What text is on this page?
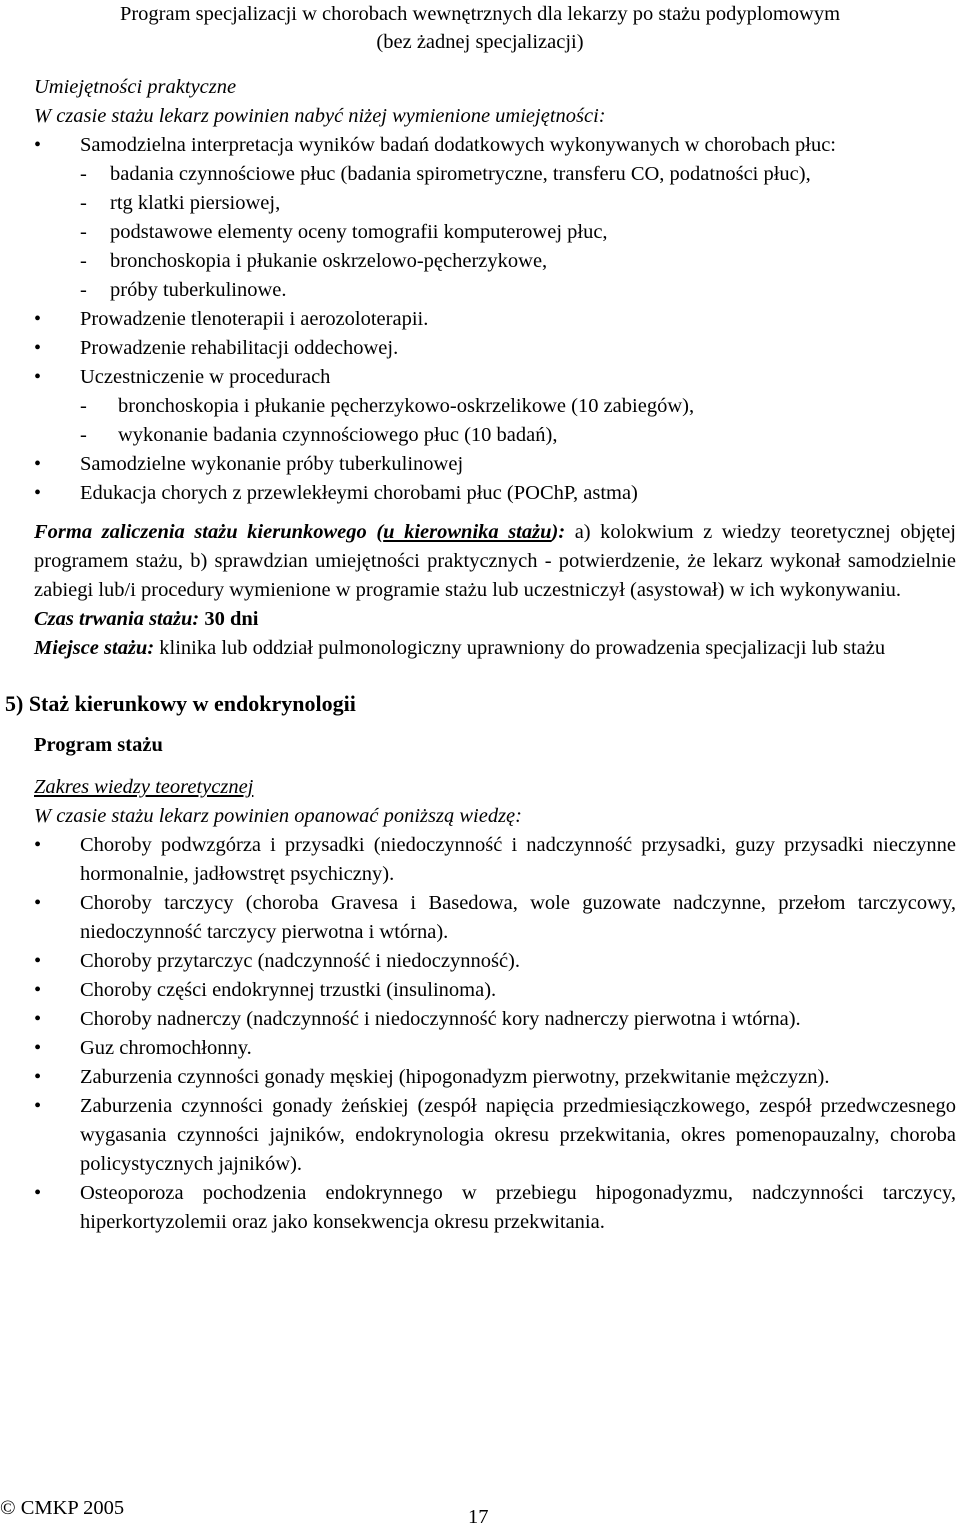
Program specjalizacji w chorobach wewnętrznych dla lekarzy po stażu podyplomowym
(bez żadnej specjalizacji)

Umiejętności praktyczne

W czasie stażu lekarz powinien nabyć niżej wymienione umiejętności:

• Samodzielna interpretacja wyników badań dodatkowych wykonywanych w chorobach płuc:

- badania czynnościowe płuc (badania spirometryczne, transferu CO, podatności płuc),

- rtg klatki piersiowej,

- podstawowe elementy oceny tomografii komputerowej płuc,

- bronchoskopia i płukanie oskrzelowo-pęcherzykowe,

- próby tuberkulinowe.

• Prowadzenie tlenoterapii i aerozoloterapii.

• Prowadzenie rehabilitacji oddechowej.

• Uczestniczenie w procedurach

- bronchoskopia i płukanie pęcherzykowo-oskrzelikowe (10 zabiegów),

- wykonanie badania czynnościowego płuc (10 badań),

• Samodzielne wykonanie próby tuberkulinowej

• Edukacja chorych z przewlekłeymi chorobami płuc (POChP, astma)

Forma zaliczenia stażu kierunkowego (u kierownika stażu): a) kolokwium z wiedzy teoretycznej objętej programem stażu, b) sprawdzian umiejętności praktycznych - potwierdzenie, że lekarz wykonał samodzielnie zabiegi lub/i procedury wymienione w programie stażu lub uczestniczył (asystował) w ich wykonywaniu.

Czas trwania stażu: 30 dni

Miejsce stażu: klinika lub oddział pulmonologiczny uprawniony do prowadzenia specjalizacji lub stażu

5) Staż kierunkowy w endokrynologii

Program stażu

Zakres wiedzy teoretycznej

W czasie stażu lekarz powinien opanować poniższą wiedzę:

• Choroby podwzgórza i przysadki (niedoczynność i nadczynność przysadki, guzy przysadki nieczynne hormonalnie, jadłowstręt psychiczny).

• Choroby tarczycy (choroba Gravesa i Basedowa, wole guzowate nadczynne, przełom tarczycowy, niedoczynność tarczycy pierwotna i wtórna).

• Choroby przytarczyc (nadczynność i niedoczynność).

• Choroby części endokrynnej trzustki (insulinoma).

• Choroby nadnerczy (nadczynność i niedoczynność kory nadnerczy pierwotna i wtórna).

• Guz chromochłonny.

• Zaburzenia czynności gonady męskiej (hipogonadyzm pierwotny, przekwitanie mężczyzn).

• Zaburzenia czynności gonady żeńskiej (zespół napięcia przedmiesiączkowego, zespół przedwczesnego wygasania czynności jajników, endokrynologia okresu przekwitania, okres pomenopauzalny, choroba policystycznych jajników).

• Osteoporoza pochodzenia endokrynnego w przebiegu hipogonadyzmu, nadczynności tarczycy, hiperkortyzolemii oraz jako konsekwencja okresu przekwitania.

© CMKP 2005	17
